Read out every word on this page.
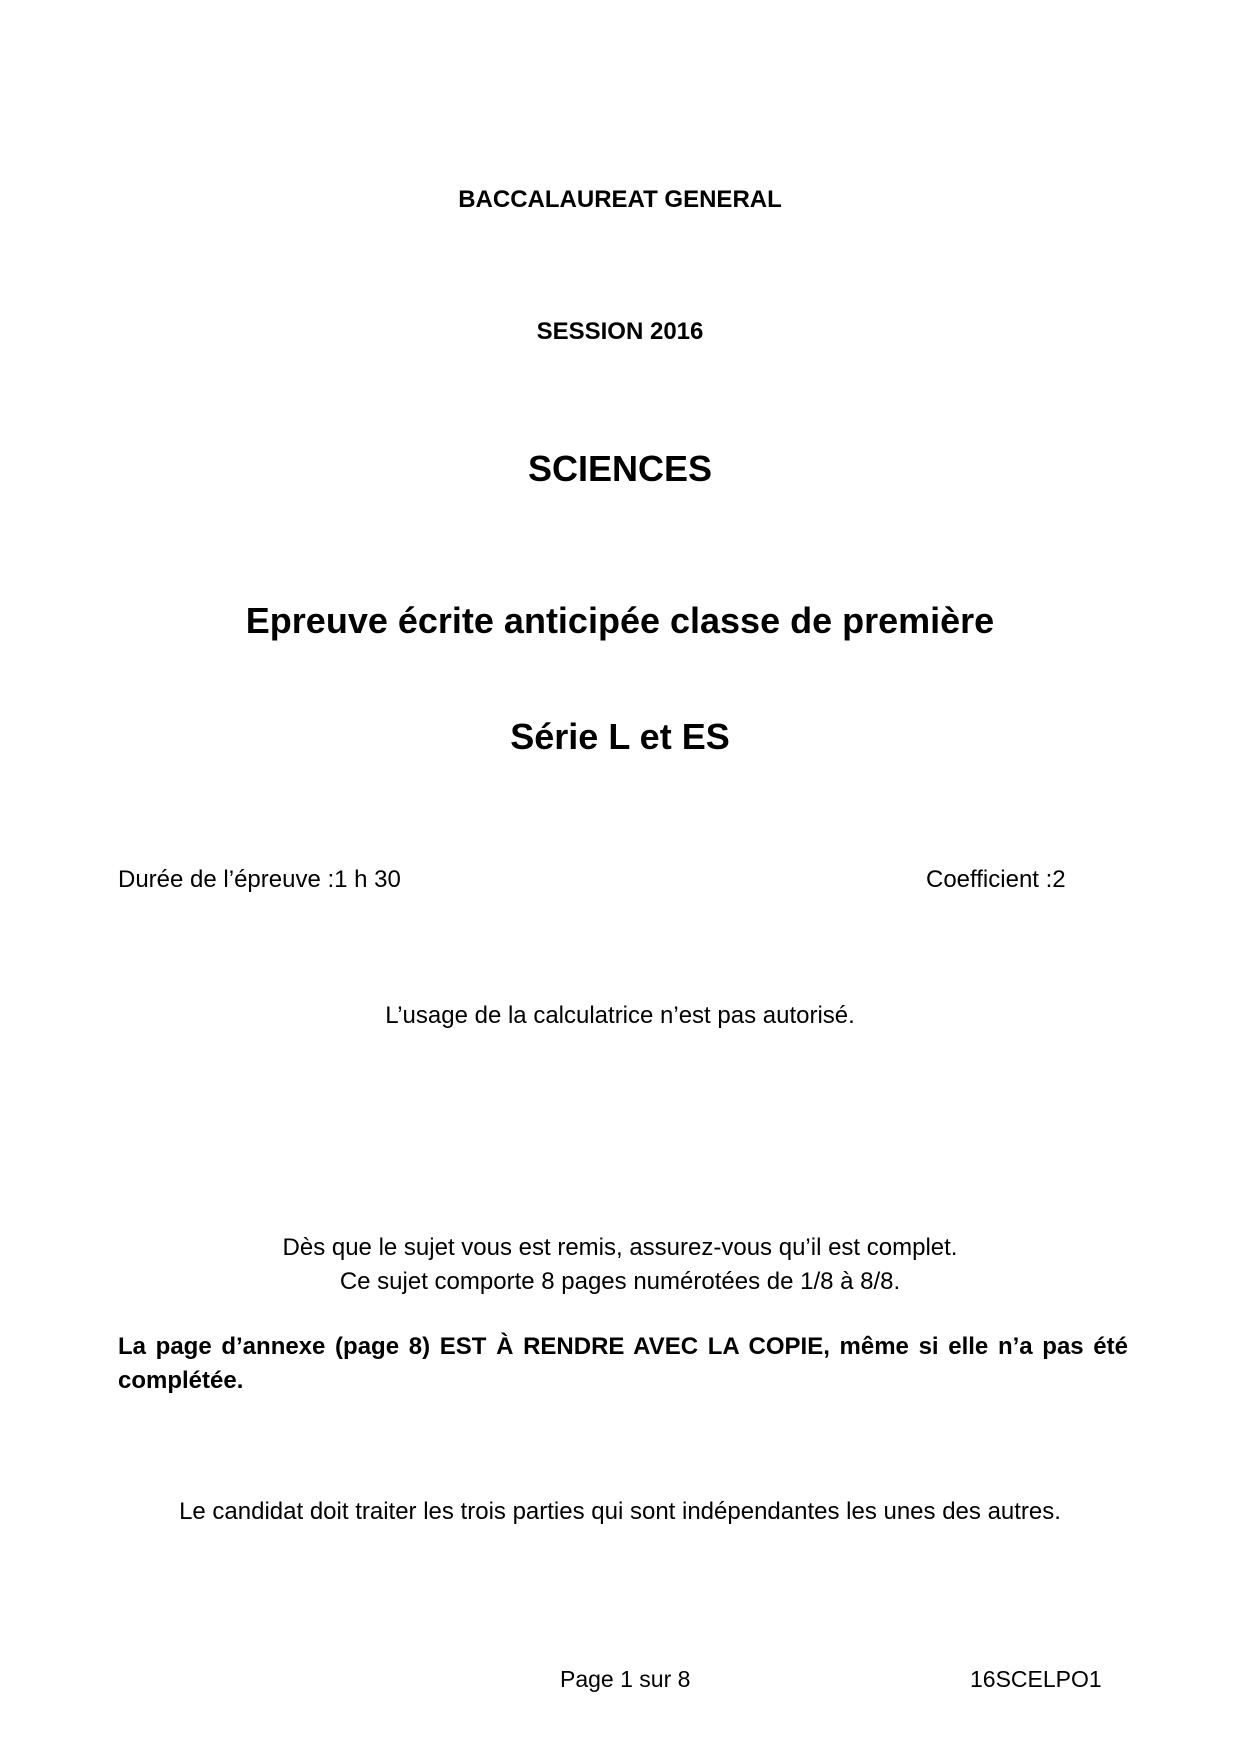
BACCALAUREAT GENERAL
SESSION 2016
SCIENCES
Epreuve écrite anticipée classe de première
Série L et ES
Durée de l’épreuve :1 h 30	Coefficient :2
L’usage de la calculatrice n’est pas autorisé.
Dès que le sujet vous est remis, assurez-vous qu’il est complet.
Ce sujet comporte 8 pages numérotées de 1/8 à 8/8.
La page d’annexe (page 8) EST À RENDRE AVEC LA COPIE, même si elle n’a pas été complétée.
Le candidat doit traiter les trois parties qui sont indépendantes les unes des autres.
Page 1 sur 8	16SCELPO1
